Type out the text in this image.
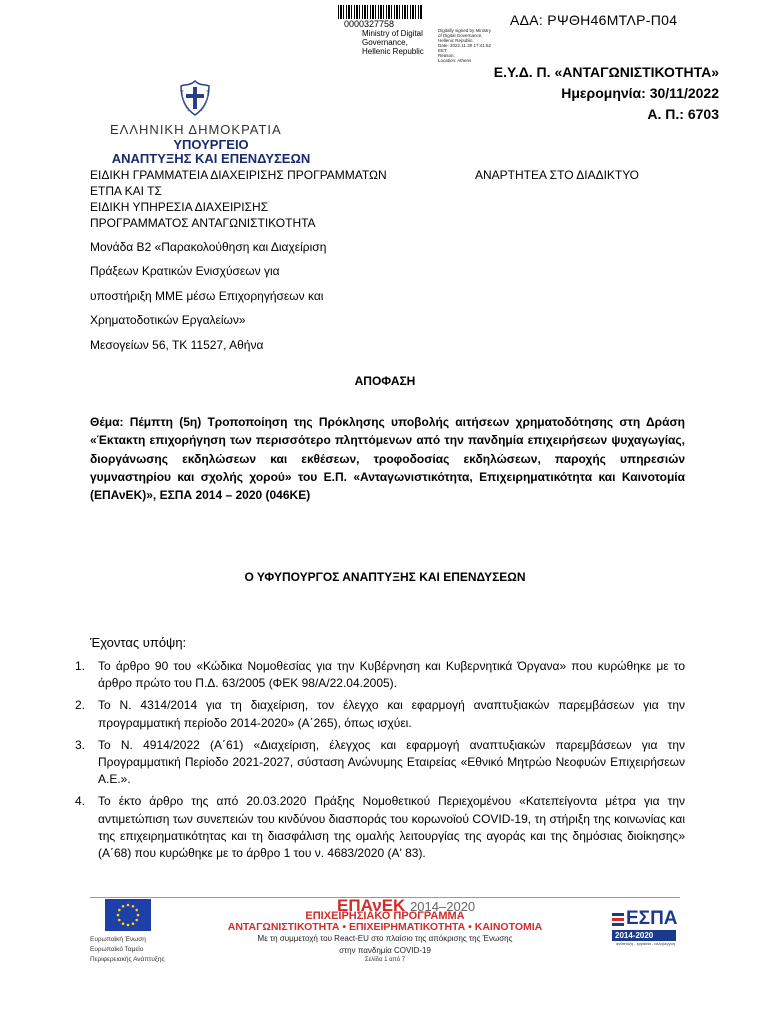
0000327758
Ministry of Digital
Governance,
Hellenic Republic
Digitally signed by Ministry
of Digital Governance,
Hellenic Republic
Date: 2022.11.30 17:41:52
EET
Reason:
Location: Athens
ΑΔΑ: ΡΨΘΗ46ΜΤΛΡ-Π04
Ε.Υ.Δ. Π. «ΑΝΤΑΓΩΝΙΣΤΙΚΟΤΗΤΑ»
Ημερομηνία: 30/11/2022
Α. Π.: 6703
ΕΛΛΗΝΙΚΗ ΔΗΜΟΚΡΑΤΙΑ
ΥΠΟΥΡΓΕΙΟ
ΑΝΑΠΤΥΞΗΣ ΚΑΙ ΕΠΕΝΔΥΣΕΩΝ
ΕΙΔΙΚΗ ΓΡΑΜΜΑΤΕΙΑ ΔΙΑΧΕΙΡΙΣΗΣ ΠΡΟΓΡΑΜΜΑΤΩΝ
ΕΤΠΑ ΚΑΙ ΤΣ
ΕΙΔΙΚΗ ΥΠΗΡΕΣΙΑ ΔΙΑΧΕΙΡΙΣΗΣ
ΠΡΟΓΡΑΜΜΑΤΟΣ ΑΝΤΑΓΩΝΙΣΤΙΚΟΤΗΤΑ
Μονάδα Β2 «Παρακολούθηση και Διαχείριση
Πράξεων Κρατικών Ενισχύσεων για
υποστήριξη ΜΜΕ μέσω Επιχορηγήσεων και
Χρηματοδοτικών Εργαλείων»
Μεσογείων 56, ΤΚ 11527, Αθήνα
ΑΝΑΡΤΗΤΕΑ ΣΤΟ ΔΙΑΔΙΚΤΥΟ
ΑΠΟΦΑΣΗ
Θέμα: Πέμπτη (5η) Τροποποίηση της Πρόκλησης υποβολής αιτήσεων χρηματοδότησης στη Δράση «Έκτακτη επιχορήγηση των περισσότερο πληττόμενων από την πανδημία επιχειρήσεων ψυχαγωγίας, διοργάνωσης εκδηλώσεων και εκθέσεων, τροφοδοσίας εκδηλώσεων, παροχής υπηρεσιών γυμναστηρίου και σχολής χορού» του Ε.Π. «Ανταγωνιστικότητα, Επιχειρηματικότητα και Καινοτομία (ΕΠΑνΕΚ)», ΕΣΠΑ 2014 – 2020 (046ΚΕ)
Ο ΥΦΥΠΟΥΡΓΟΣ ΑΝΑΠΤΥΞΗΣ ΚΑΙ ΕΠΕΝΔΥΣΕΩΝ
Έχοντας υπόψη:
1.	Το άρθρο 90 του «Κώδικα Νομοθεσίας για την Κυβέρνηση και Κυβερνητικά Όργανα» που κυρώθηκε με το άρθρο πρώτο του Π.Δ. 63/2005 (ΦΕΚ 98/Α/22.04.2005).
2.	Το Ν. 4314/2014 για τη διαχείριση, τον έλεγχο και εφαρμογή αναπτυξιακών παρεμβάσεων για την προγραμματική περίοδο 2014-2020» (Α΄265), όπως ισχύει.
3.	Το Ν. 4914/2022 (Α΄61) «Διαχείριση, έλεγχος και εφαρμογή αναπτυξιακών παρεμβάσεων για την Προγραμματική Περίοδο 2021-2027, σύσταση Ανώνυμης Εταιρείας «Εθνικό Μητρώο Νεοφυών Επιχειρήσεων Α.Ε.».
4.	Το έκτο άρθρο της από 20.03.2020 Πράξης Νομοθετικού Περιεχομένου «Κατεπείγοντα μέτρα για την αντιμετώπιση των συνεπειών του κινδύνου διασποράς του κορωνοϊού COVID-19, τη στήριξη της κοινωνίας και της επιχειρηματικότητας και τη διασφάλιση της ομαλής λειτουργίας της αγοράς και της δημόσιας διοίκησης» (Α΄68) που κυρώθηκε με το άρθρο 1 του ν. 4683/2020 (Α' 83).
Ευρωπαϊκή Ένωση
Ευρωπαϊκό Ταμείο
Περιφερειακής Ανάπτυξης
ΕΠΑνΕΚ 2014–2020
ΕΠΙΧΕΙΡΗΣΙΑΚΟ ΠΡΟΓΡΑΜΜΑ
ΑΝΤΑΓΩΝΙΣΤΙΚΟΤΗΤΑ • ΕΠΙΧΕΙΡΗΜΑΤΙΚΟΤΗΤΑ • ΚΑΙΝΟΤΟΜΙΑ
Με τη συμμετοχή του React-EU στο πλαίσιο της απόκρισης της Ένωσης
στην πανδημία COVID-19
Σελίδα 1 από 7
ΕΣΠΑ
2014-2020
ανάπτυξη - εργασία - αλληλεγγύη
